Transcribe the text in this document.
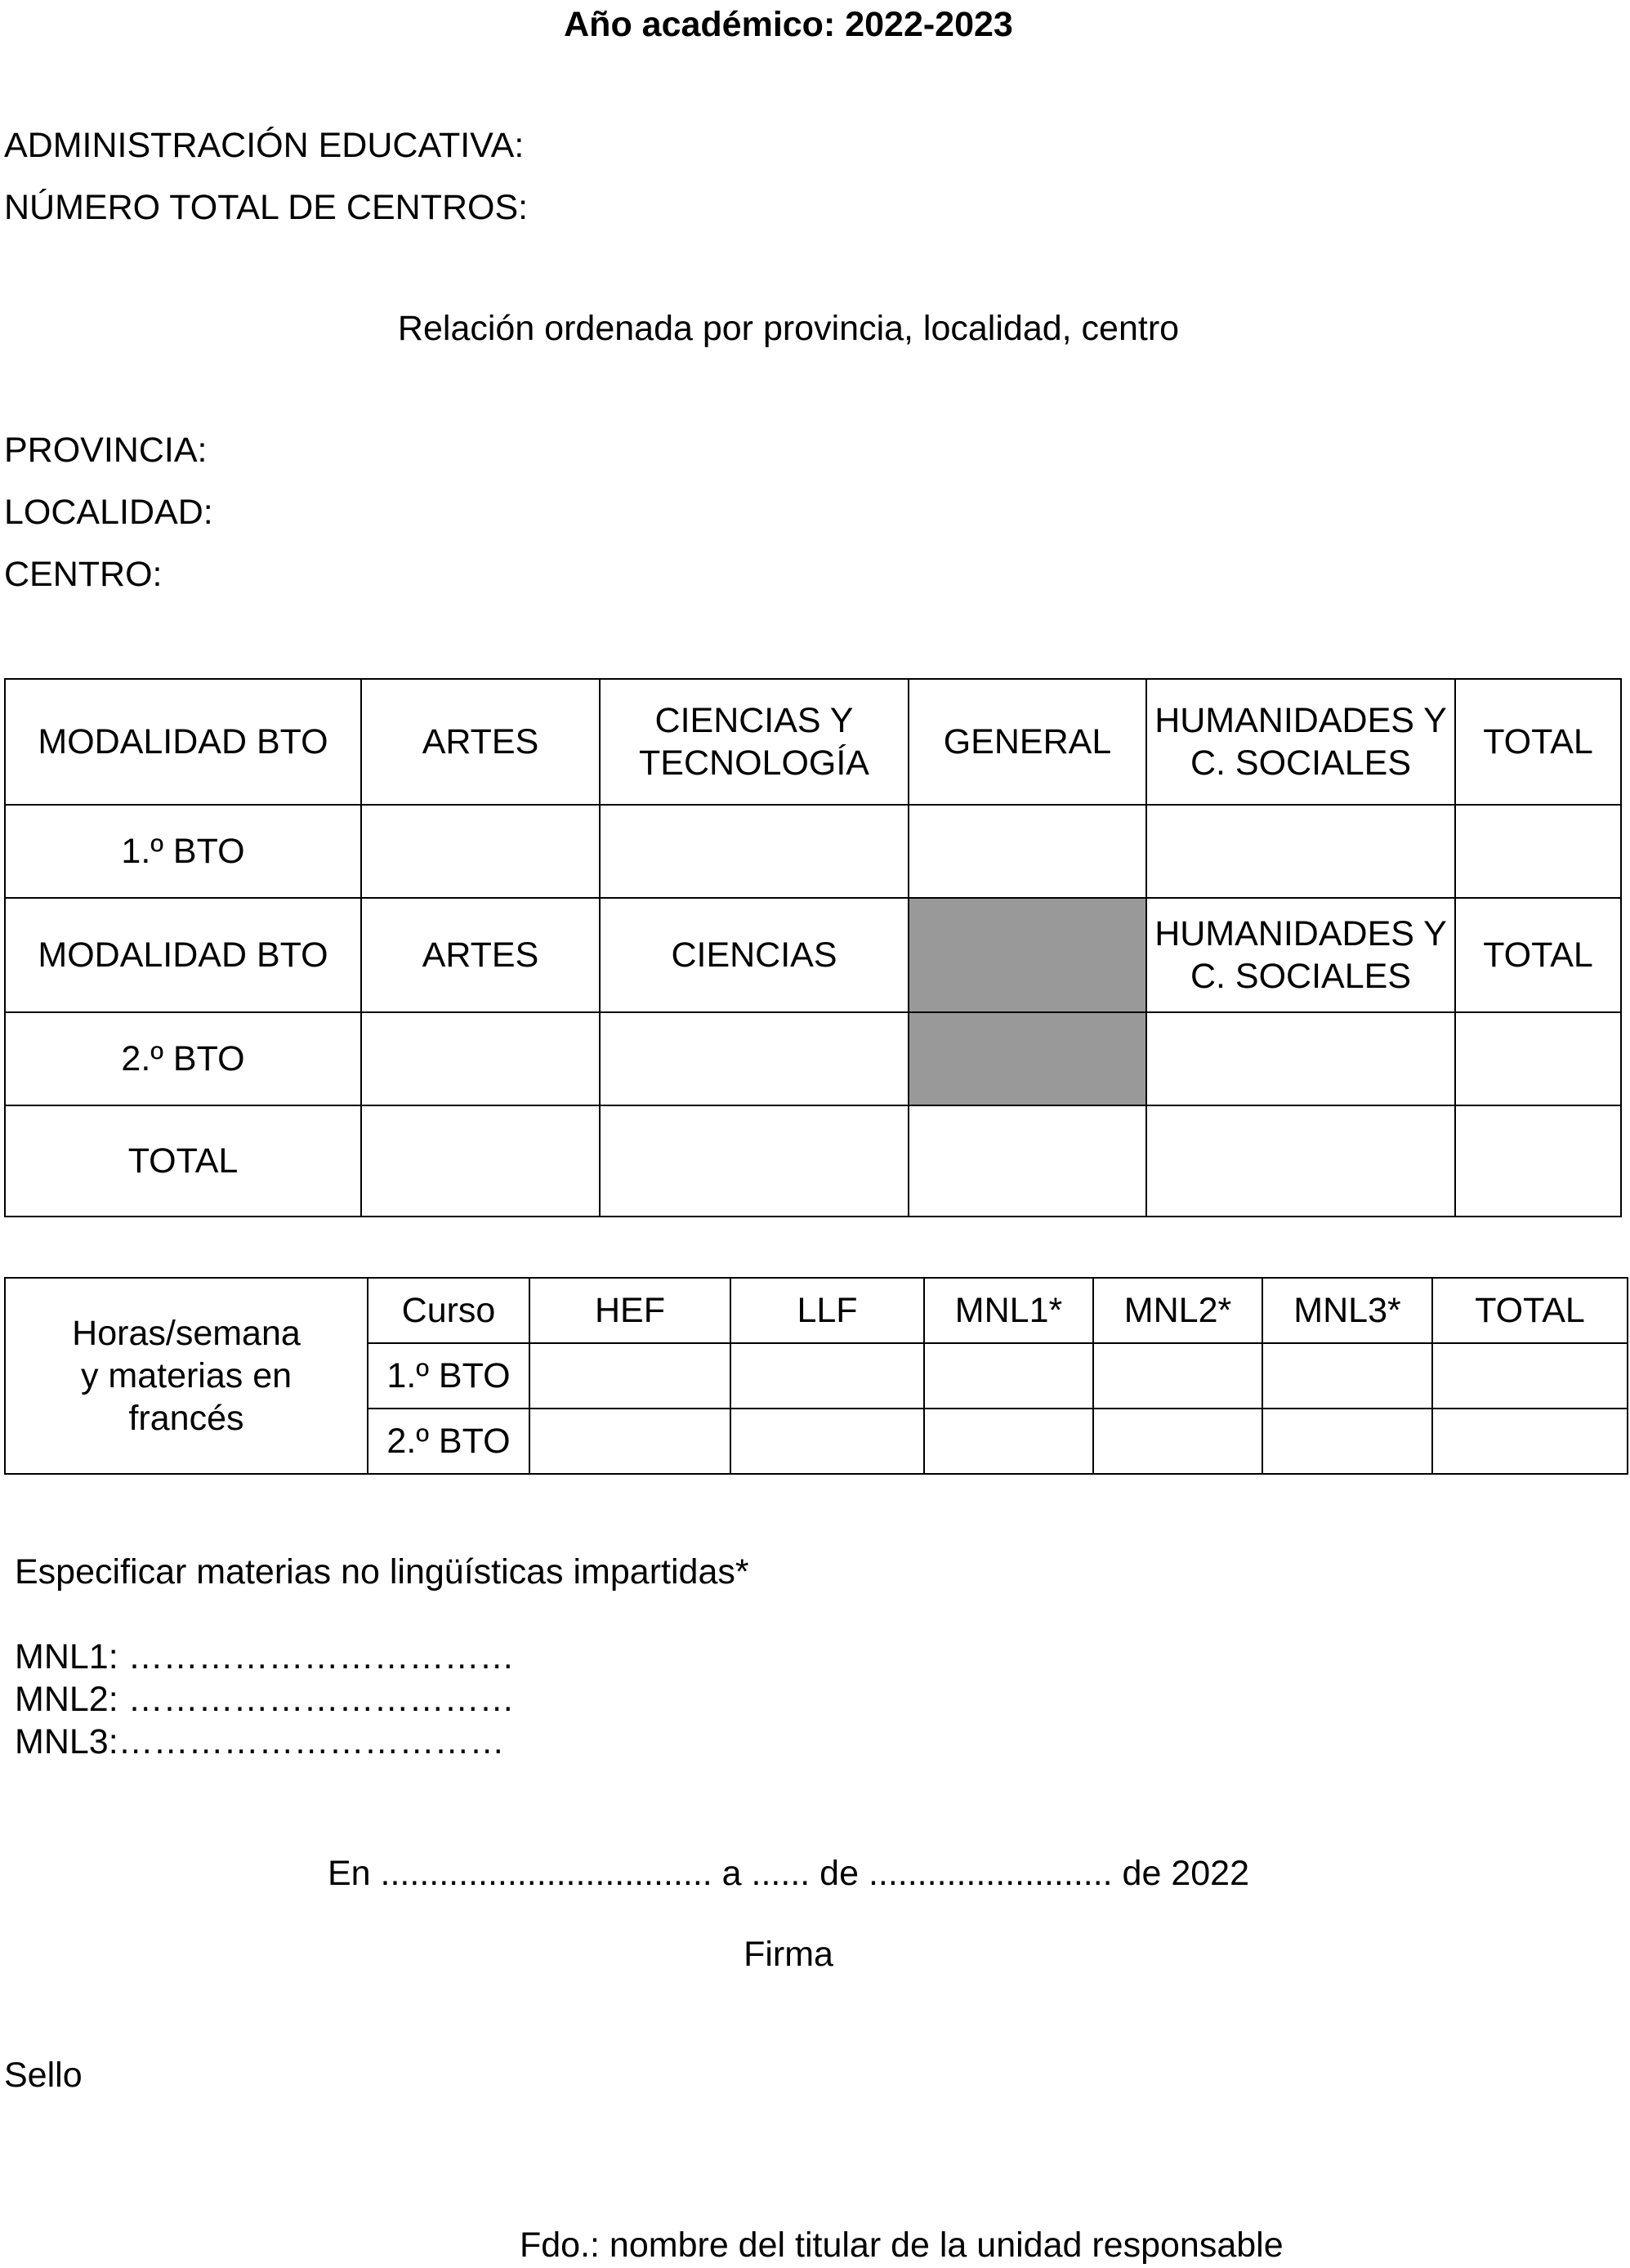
Año académico: 2022-2023
ADMINISTRACIÓN EDUCATIVA:
NÚMERO TOTAL DE CENTROS:
Relación ordenada por provincia, localidad, centro
PROVINCIA:
LOCALIDAD:
CENTRO:
MODALIDAD BTO	ARTES	CIENCIAS Y TECNOLOGÍA	GENERAL	HUMANIDADES Y C. SOCIALES	TOTAL
1.º BTO					
MODALIDAD BTO	ARTES	CIENCIAS		HUMANIDADES Y C. SOCIALES	TOTAL
2.º BTO					
TOTAL					
Horas/semana y materias en francés	Curso	HEF	LLF	MNL1*	MNL2*	MNL3*	TOTAL
	1.º BTO						
	2.º BTO						
Especificar materias no lingüísticas impartidas*
MNL1: ……………………………
MNL2: ……………………………
MNL3:……………………………
En .................................. a ...... de ......................... de 2022
Firma
Sello
Fdo.: nombre del titular de la unidad responsable
